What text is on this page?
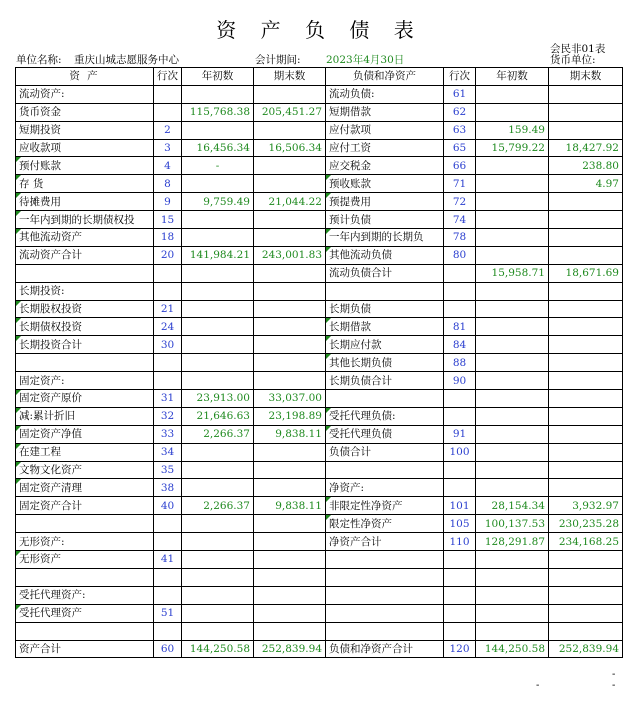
资 产 负 债 表
会民非01表
单位名称: 重庆山城志愿服务中心	会计期间: 2023年4月30日	货币单位:
资 产	行次	年初数	期末数	负债和净资产	行次	年初数	期末数
流动资产:				流动负债:	61		
货币资金		115,768.38	205,451.27	短期借款	62		
短期投资	2			应付款项	63	159.49	
应收款项	3	16,456.34	16,506.34	应付工资	65	15,799.22	18,427.92
预付账款	4	-		应交税金	66		238.80
存 货	8			预收账款	71		4.97
待摊费用	9	9,759.49	21,044.22	预提费用	72		
一年内到期的长期债权投	15			预计负债	74		
其他流动资产	18			一年内到期的长期负	78		
流动资产合计	20	141,984.21	243,001.83	其他流动负债	80		
				流动负债合计		15,958.71	18,671.69
长期投资:							
长期股权投资	21			长期负债			
长期债权投资	24			长期借款	81		
长期投资合计	30			长期应付款	84		
				其他长期负债	88		
固定资产:				长期负债合计	90		
固定资产原价	31	23,913.00	33,037.00				
减:累计折旧	32	21,646.63	23,198.89	受托代理负债:			
固定资产净值	33	2,266.37	9,838.11	受托代理负债	91		
在建工程	34			负债合计	100		
文物文化资产	35						
固定资产清理	38			净资产:			
固定资产合计	40	2,266.37	9,838.11	非限定性净资产	101	28,154.34	3,932.97
				限定性净资产	105	100,137.53	230,235.28
无形资产:				净资产合计	110	128,291.87	234,168.25
无形资产	41						

受托代理资产:							
受托代理资产	51						

资产合计	60	144,250.58	252,839.94	负债和净资产合计	120	144,250.58	252,839.94
-
-	-
